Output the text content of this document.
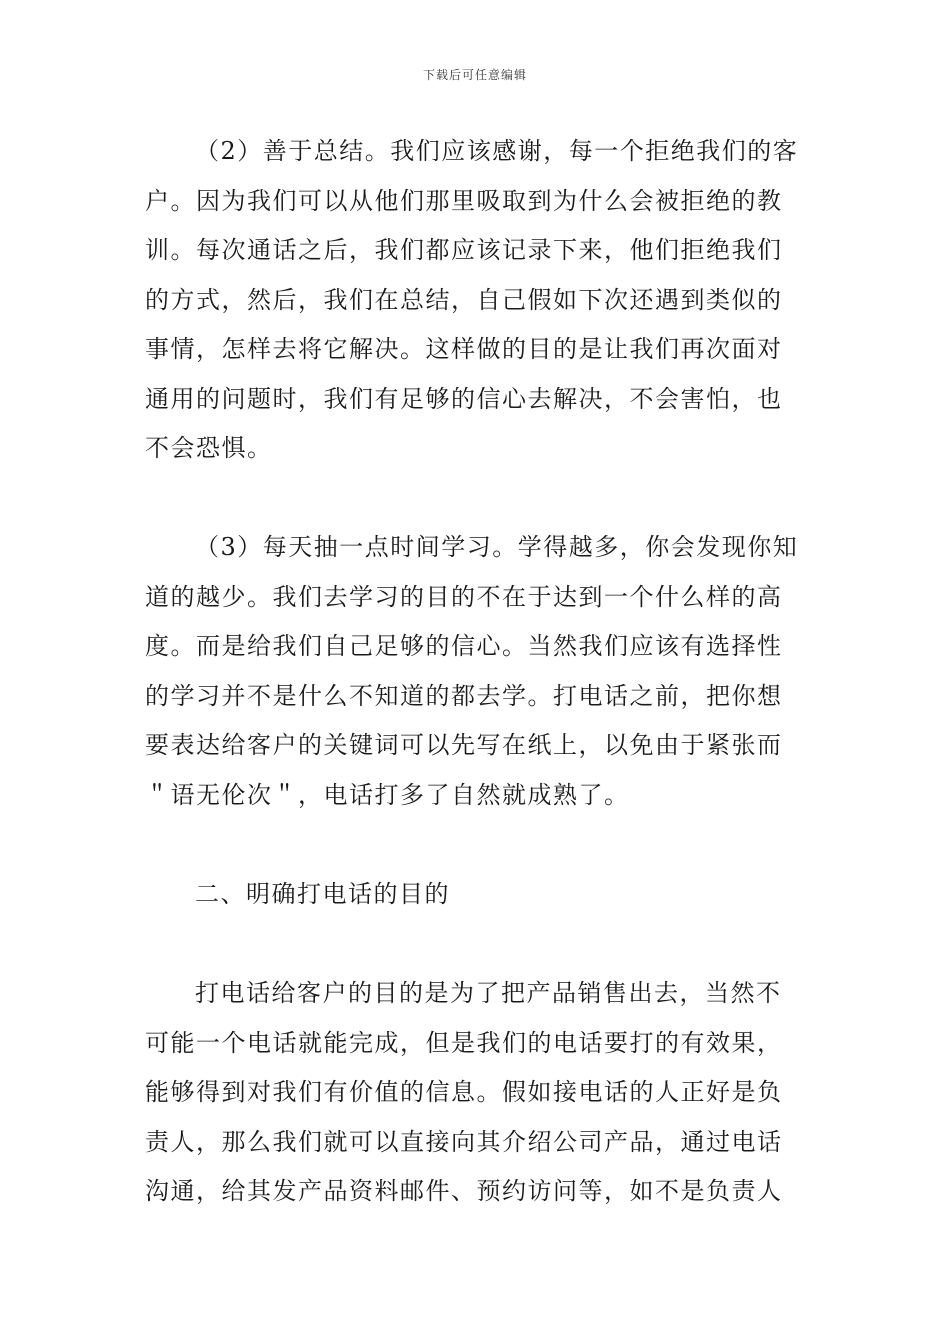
下载后可任意编辑
（2）善于总结。我们应该感谢，每一个拒绝我们的客
户。因为我们可以从他们那里吸取到为什么会被拒绝的教
训。每次通话之后，我们都应该记录下来，他们拒绝我们
的方式，然后，我们在总结，自己假如下次还遇到类似的
事情，怎样去将它解决。这样做的目的是让我们再次面对
通用的问题时，我们有足够的信心去解决，不会害怕，也
不会恐惧。
（3）每天抽一点时间学习。学得越多，你会发现你知
道的越少。我们去学习的目的不在于达到一个什么样的高
度。而是给我们自己足够的信心。当然我们应该有选择性
的学习并不是什么不知道的都去学。打电话之前，把你想
要表达给客户的关键词可以先写在纸上，以免由于紧张而
＂语无伦次＂，电话打多了自然就成熟了。
二、明确打电话的目的
打电话给客户的目的是为了把产品销售出去，当然不
可能一个电话就能完成，但是我们的电话要打的有效果，
能够得到对我们有价值的信息。假如接电话的人正好是负
责人，那么我们就可以直接向其介绍公司产品，通过电话
沟通，给其发产品资料邮件、预约访问等，如不是负责人
